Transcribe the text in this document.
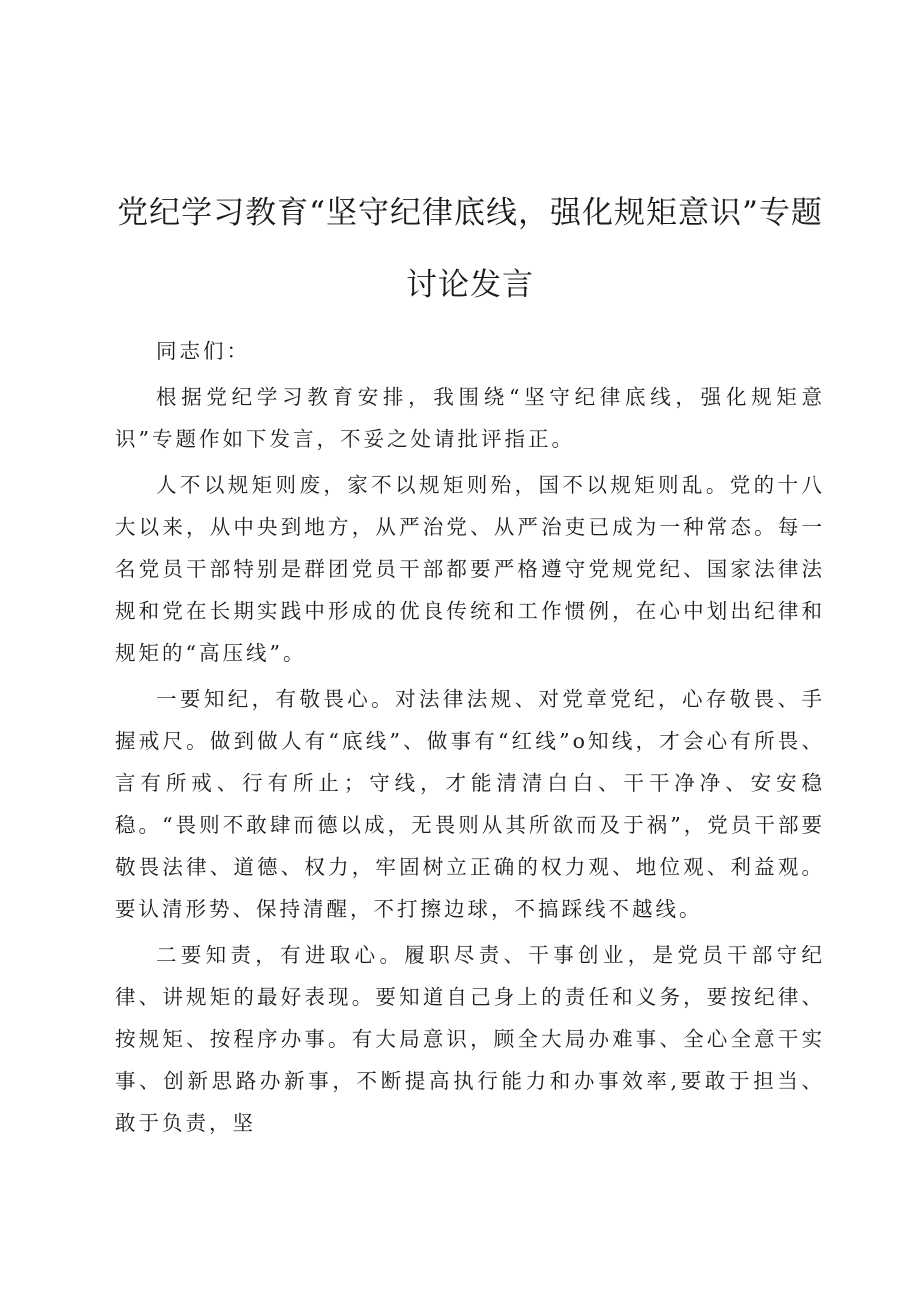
党纪学习教育“坚守纪律底线，强化规矩意识”专题
讨论发言

同志们：

根据党纪学习教育安排，我围绕“坚守纪律底线，强化规矩意识”专题作如下发言，不妥之处请批评指正。

人不以规矩则废，家不以规矩则殆，国不以规矩则乱。党的十八大以来，从中央到地方，从严治党、从严治吏已成为一种常态。每一名党员干部特别是群团党员干部都要严格遵守党规党纪、国家法律法规和党在长期实践中形成的优良传统和工作惯例，在心中划出纪律和规矩的“高压线”。

一要知纪，有敬畏心。对法律法规、对党章党纪，心存敬畏、手握戒尺。做到做人有“底线”、做事有“红线”o知线，才会心有所畏、言有所戒、行有所止；守线，才能清清白白、干干净净、安安稳稳。“畏则不敢肆而德以成，无畏则从其所欲而及于祸”，党员干部要敬畏法律、道德、权力，牢固树立正确的权力观、地位观、利益观。要认清形势、保持清醒，不打擦边球，不搞踩线不越线。

二要知责，有进取心。履职尽责、干事创业，是党员干部守纪律、讲规矩的最好表现。要知道自己身上的责任和义务，要按纪律、按规矩、按程序办事。有大局意识，顾全大局办难事、全心全意干实事、创新思路办新事，不断提高执行能力和办事效率,要敢于担当、敢于负责，坚
